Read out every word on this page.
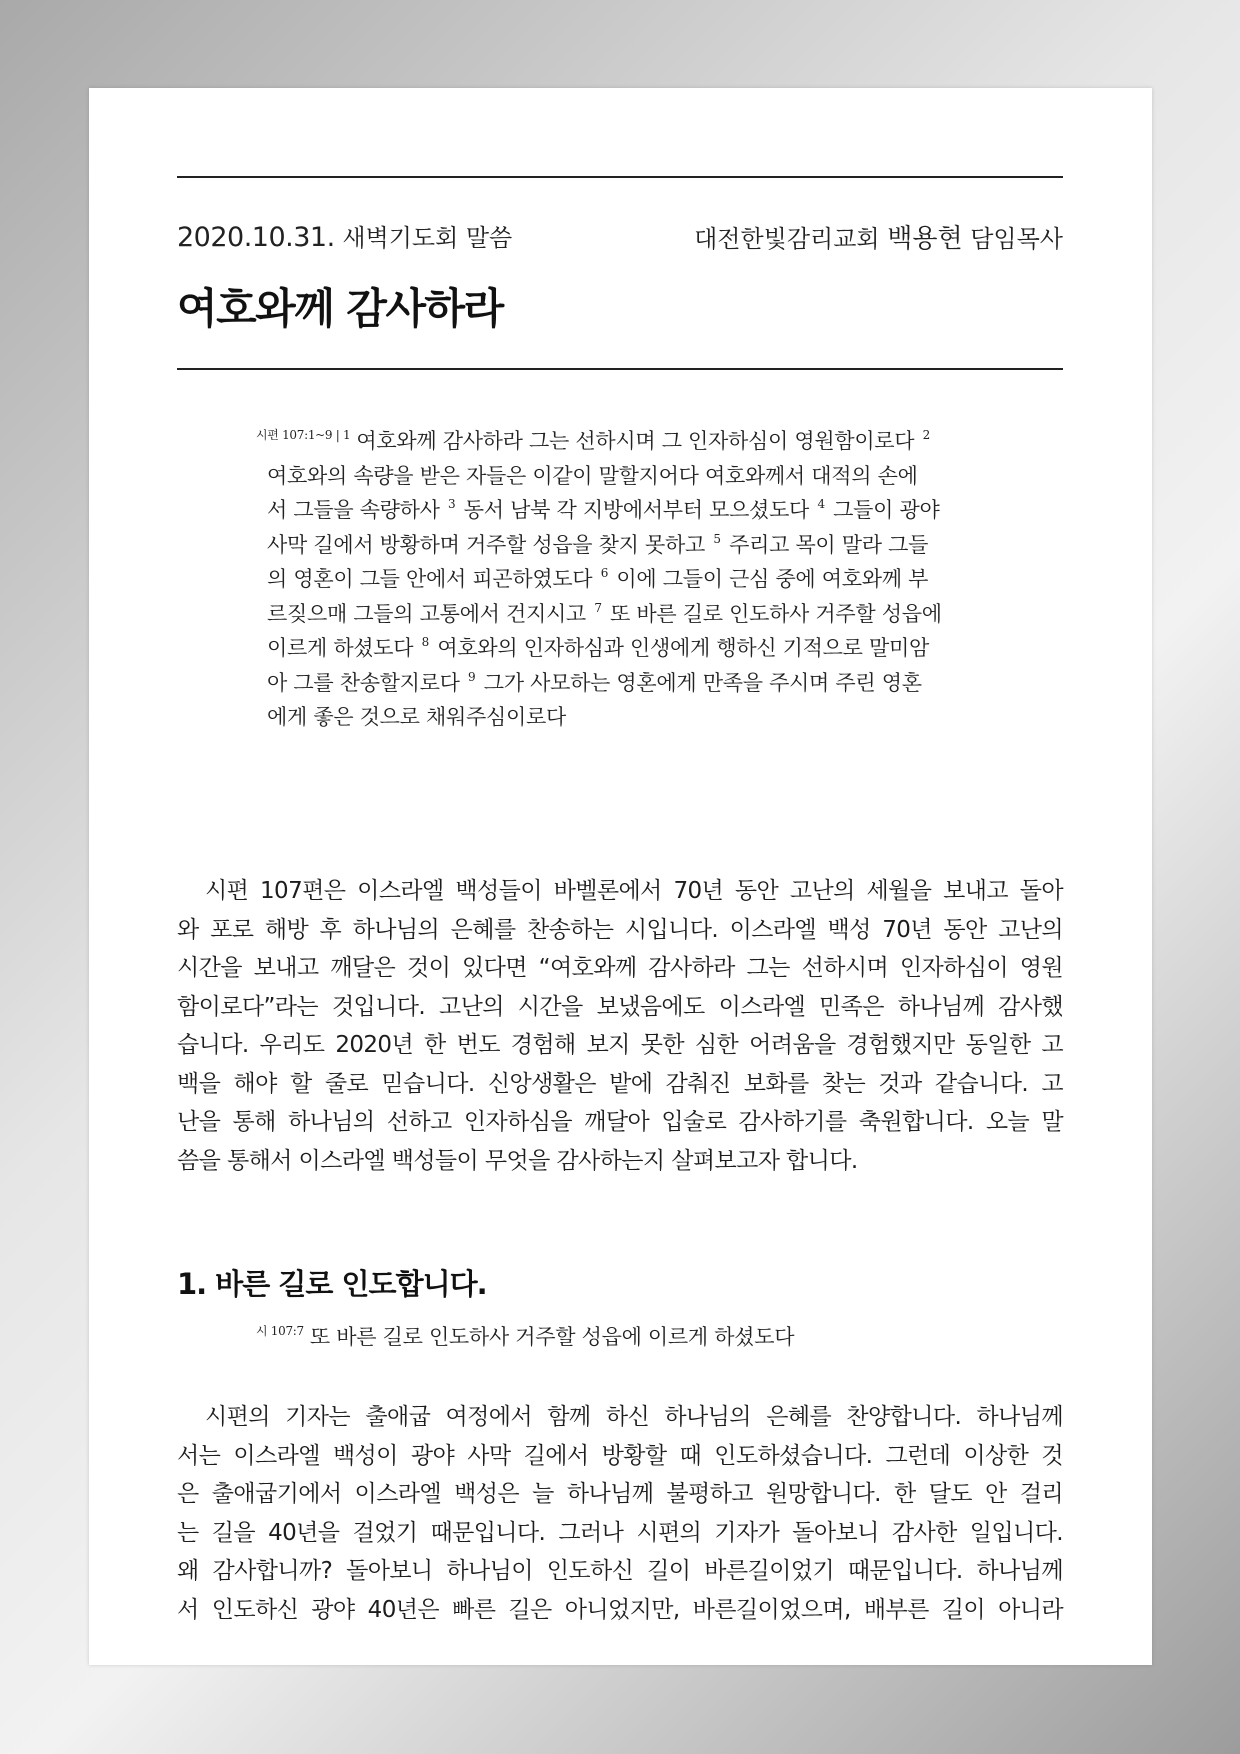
2020.10.31. 새벽기도회 말씀	대전한빛감리교회 백용현 담임목사
여호와께 감사하라
$^{시편 107:1\sim 9 | 1}$ 여호와께 감사하라 그는 선하시며 그 인자하심이 영원함이로다 $^2$
여호와의 속량을 받은 자들은 이같이 말할지어다 여호와께서 대적의 손에
서 그들을 속량하사 $^3$ 동서 남북 각 지방에서부터 모으셨도다 $^4$ 그들이 광야
사막 길에서 방황하며 거주할 성읍을 찾지 못하고 $^5$ 주리고 목이 말라 그들
의 영혼이 그들 안에서 피곤하였도다 $^6$ 이에 그들이 근심 중에 여호와께 부
르짖으매 그들의 고통에서 건지시고 $^7$ 또 바른 길로 인도하사 거주할 성읍에
이르게 하셨도다 $^8$ 여호와의 인자하심과 인생에게 행하신 기적으로 말미암
아 그를 찬송할지로다 $^9$ 그가 사모하는 영혼에게 만족을 주시며 주린 영혼
에게 좋은 것으로 채워주심이로다
시편 107편은 이스라엘 백성들이 바벨론에서 70년 동안 고난의 세월을 보내고 돌아
와 포로 해방 후 하나님의 은혜를 찬송하는 시입니다. 이스라엘 백성 70년 동안 고난의
시간을 보내고 깨달은 것이 있다면 “여호와께 감사하라 그는 선하시며 인자하심이 영원
함이로다”라는 것입니다. 고난의 시간을 보냈음에도 이스라엘 민족은 하나님께 감사했
습니다. 우리도 2020년 한 번도 경험해 보지 못한 심한 어려움을 경험했지만 동일한 고
백을 해야 할 줄로 믿습니다. 신앙생활은 밭에 감춰진 보화를 찾는 것과 같습니다. 고
난을 통해 하나님의 선하고 인자하심을 깨달아 입술로 감사하기를 축원합니다. 오늘 말
씀을 통해서 이스라엘 백성들이 무엇을 감사하는지 살펴보고자 합니다.
1. 바른 길로 인도합니다.
$^{시 107:7}$ 또 바른 길로 인도하사 거주할 성읍에 이르게 하셨도다
시편의 기자는 출애굽 여정에서 함께 하신 하나님의 은혜를 찬양합니다. 하나님께
서는 이스라엘 백성이 광야 사막 길에서 방황할 때 인도하셨습니다. 그런데 이상한 것
은 출애굽기에서 이스라엘 백성은 늘 하나님께 불평하고 원망합니다. 한 달도 안 걸리
는 길을 40년을 걸었기 때문입니다. 그러나 시편의 기자가 돌아보니 감사한 일입니다.
왜 감사합니까? 돌아보니 하나님이 인도하신 길이 바른길이었기 때문입니다. 하나님께
서 인도하신 광야 40년은 빠른 길은 아니었지만, 바른길이었으며, 배부른 길이 아니라
